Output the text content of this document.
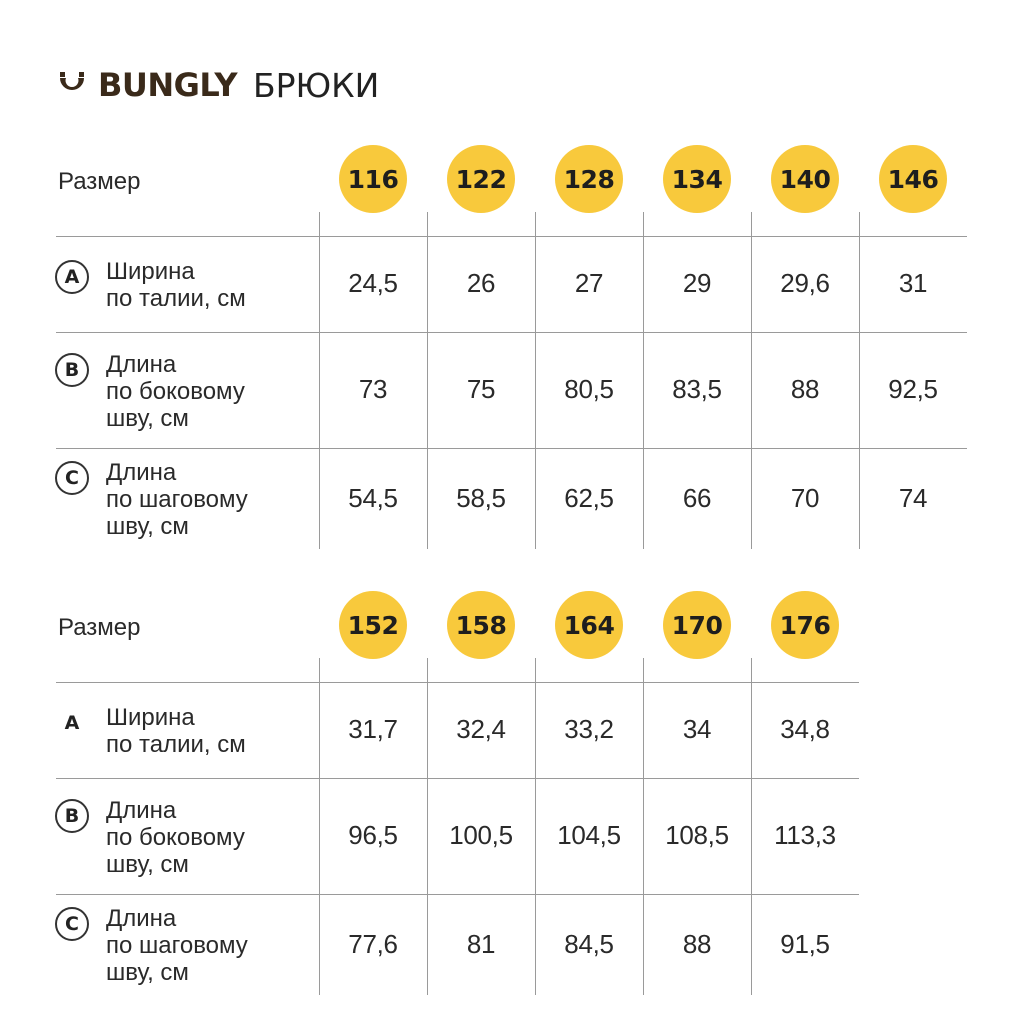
BUNGLY БРЮКИ
Размер	116	122	128	134	140	146
A	Ширина
по талии, см
24,5	26	27	29	29,6	31
B	Длина
по боковому
шву, см
73	75	80,5	83,5	88	92,5
C	Длина
по шаговому
шву, см
54,5	58,5	62,5	66	70	74
Размер	152	158	164	170	176
A	Ширина
по талии, см
31,7	32,4	33,2	34	34,8
B	Длина
по боковому
шву, см
96,5	100,5	104,5	108,5	113,3
C	Длина
по шаговому
шву, см
77,6	81	84,5	88	91,5
